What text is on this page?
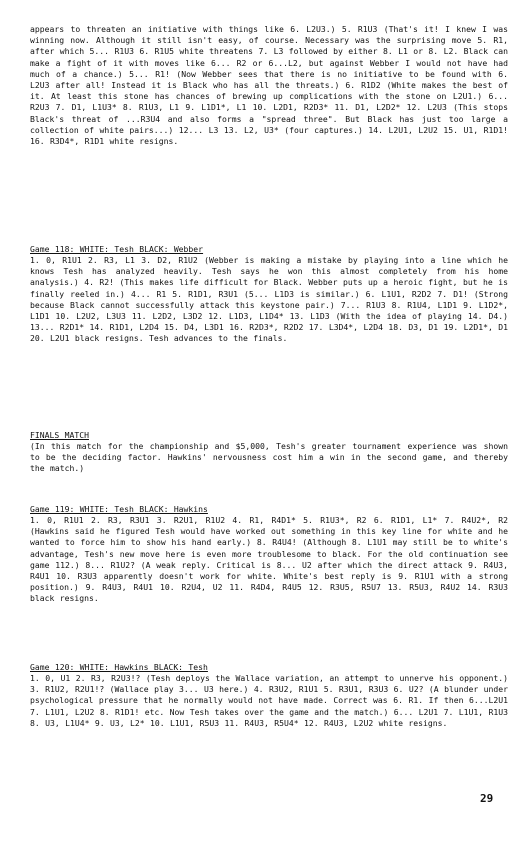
appears to threaten an initiative with things like 6. L2U3.) 5. R1U3 (That's it! I knew I was winning now. Although it still isn't easy, of course. Necessary was the surprising move 5. R1, after which 5... R1U3 6. R1U5 white threatens 7. L3 followed by either 8. L1 or 8. L2. Black can make a fight of it with moves like 6... R2 or 6...L2, but against Webber I would not have had much of a chance.) 5... R1! (Now Webber sees that there is no initiative to be found with 6. L2U3 after all! Instead it is Black who has all the threats.) 6. R1D2 (White makes the best of it. At least this stone has chances of brewing up complications with the stone on L2U1.) 6... R2U3 7. D1, L1U3* 8. R1U3, L1 9. L1D1*, L1 10. L2D1, R2D3* 11. D1, L2D2* 12. L2U3 (This stops Black's threat of ...R3U4 and also forms a "spread three". But Black has just too large a collection of white pairs...) 12... L3 13. L2, U3* (four captures.) 14. L2U1, L2U2 15. U1, R1D1! 16. R3D4*, R1D1 white resigns.
Game 118: WHITE: Tesh BLACK: Webber
1. 0, R1U1 2. R3, L1 3. D2, R1U2 (Webber is making a mistake by playing into a line which he knows Tesh has analyzed heavily. Tesh says he won this almost completely from his home analysis.) 4. R2! (This makes life difficult for Black. Webber puts up a heroic fight, but he is finally reeled in.) 4... R1 5. R1D1, R3U1 (5... L1D3 is similar.) 6. L1U1, R2D2 7. D1! (Strong because Black cannot successfully attack this keystone pair.) 7... R1U3 8. R1U4, L1D1 9. L1D2*, L1D1 10. L2U2, L3U3 11. L2D2, L3D2 12. L1D3, L1D4* 13. L1D3 (With the idea of playing 14. D4.) 13... R2D1* 14. R1D1, L2D4 15. D4, L3D1 16. R2D3*, R2D2 17. L3D4*, L2D4 18. D3, D1 19. L2D1*, D1 20. L2U1 black resigns. Tesh advances to the finals.
FINALS MATCH
(In this match for the championship and $5,000, Tesh's greater tournament experience was shown to be the deciding factor. Hawkins' nervousness cost him a win in the second game, and thereby the match.)
Game 119: WHITE: Tesh BLACK: Hawkins
1. 0, R1U1 2. R3, R3U1 3. R2U1, R1U2 4. R1, R4D1* 5. R1U3*, R2 6. R1D1, L1* 7. R4U2*, R2 (Hawkins said he figured Tesh would have worked out something in this key line for white and he wanted to force him to show his hand early.) 8. R4U4! (Although 8. L1U1 may still be to white's advantage, Tesh's new move here is even more troublesome to black. For the old continuation see game 112.) 8... R1U2? (A weak reply. Critical is 8... U2 after which the direct attack 9. R4U3, R4U1 10. R3U3 apparently doesn't work for white. White's best reply is 9. R1U1 with a strong position.) 9. R4U3, R4U1 10. R2U4, U2 11. R4D4, R4U5 12. R3U5, R5U7 13. R5U3, R4U2 14. R3U3 black resigns.
Game 120: WHITE: Hawkins BLACK: Tesh
1. 0, U1 2. R3, R2U3!? (Tesh deploys the Wallace variation, an attempt to unnerve his opponent.) 3. R1U2, R2U1!? (Wallace play 3... U3 here.) 4. R3U2, R1U1 5. R3U1, R3U3 6. U2? (A blunder under psychological pressure that he normally would not have made. Correct was 6. R1. If then 6...L2U1 7. L1U1, L2U2 8. R1D1! etc. Now Tesh takes over the game and the match.) 6... L2U1 7. L1U1, R1U3 8. U3, L1U4* 9. U3, L2* 10. L1U1, R5U3 11. R4U3, R5U4* 12. R4U3, L2U2 white resigns.
29
